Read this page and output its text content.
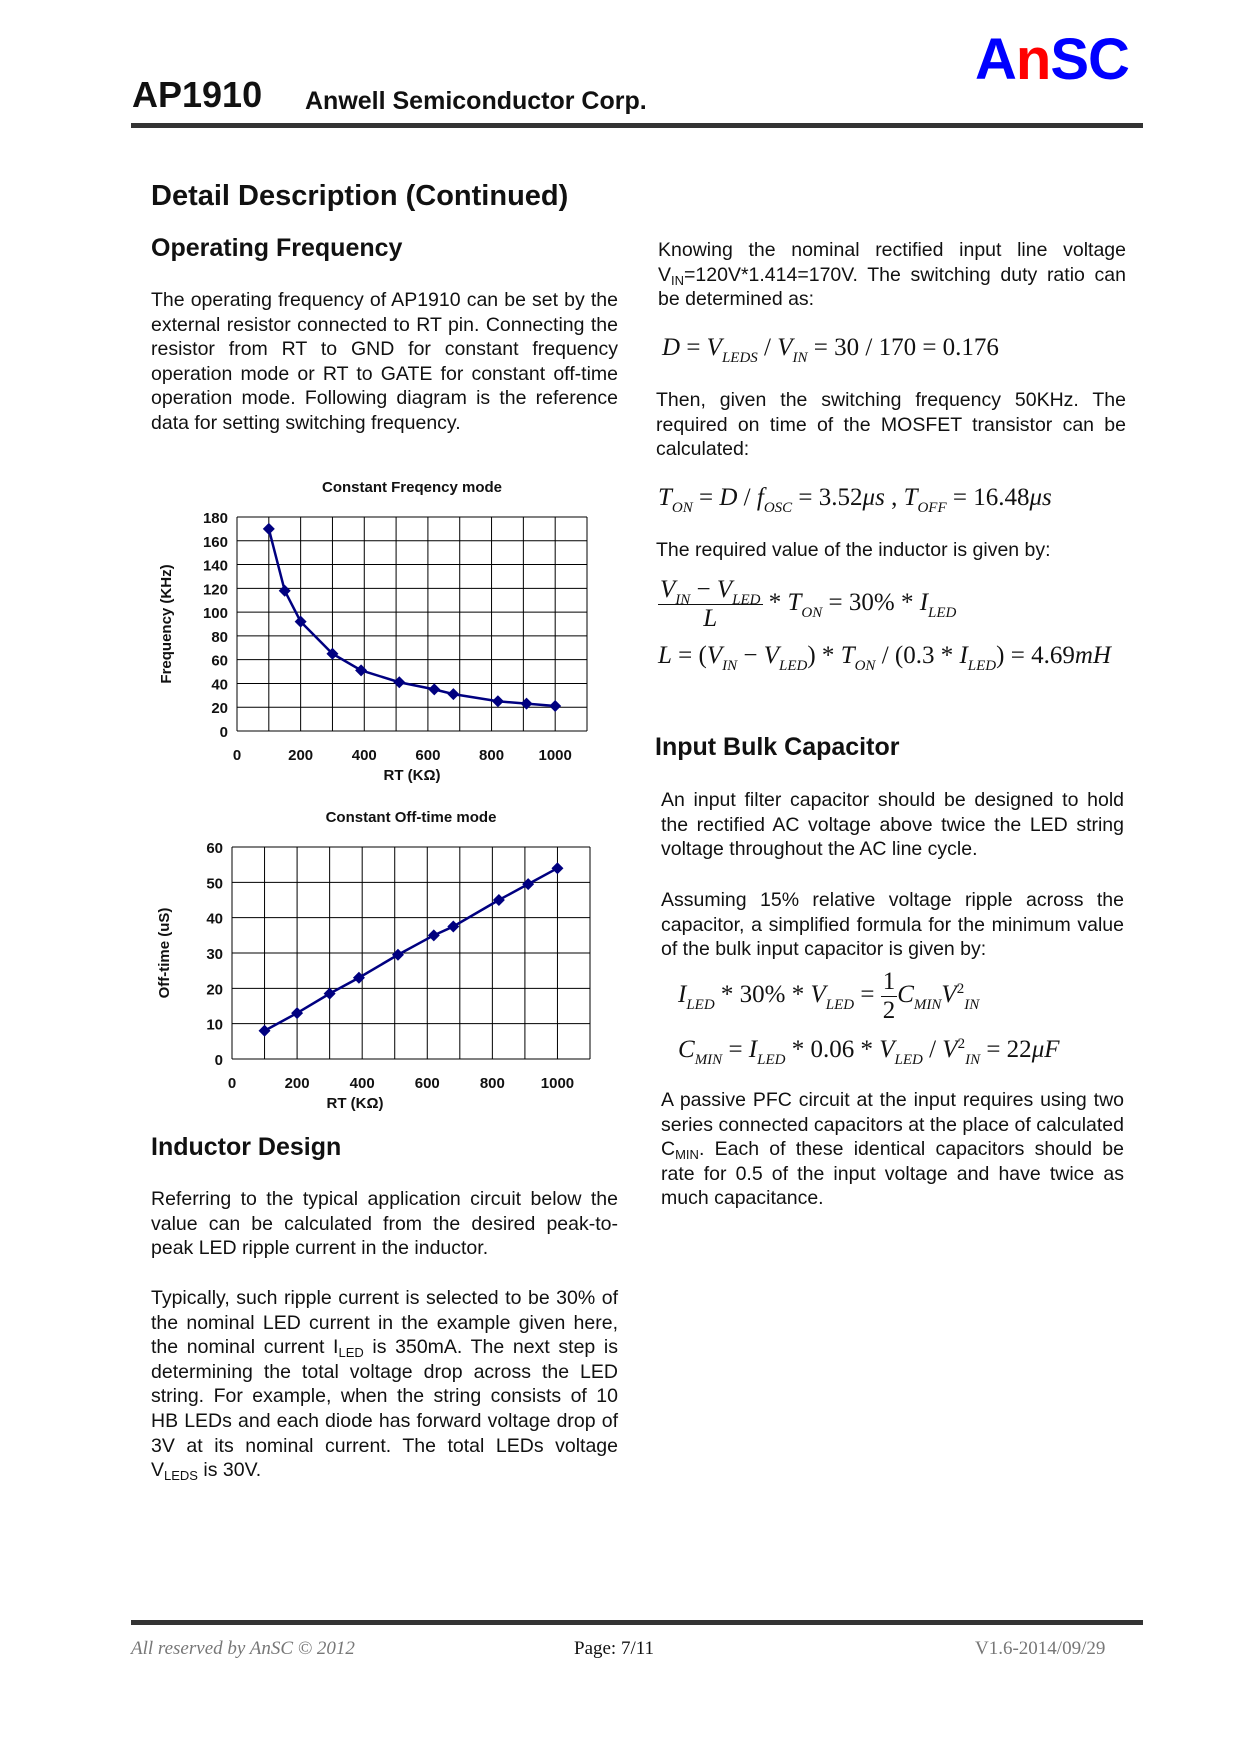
AP1910 Anwell Semiconductor Corp.
AnSC
Detail Description (Continued)
Operating Frequency
The operating frequency of AP1910 can be set by the external resistor connected to RT pin. Connecting the resistor from RT to GND for constant frequency operation mode or RT to GATE for constant off-time operation mode. Following diagram is the reference data for setting switching frequency.
Constant Freqency mode
0
20
40
60
80
100
120
140
160
180
0	200	400	600	800 1000
RT (KΩ)
Frequency (KHz)
Constant Off-time mode
0
10
20
30
40
50
60
0	200	400	600	800 1000
RT (KΩ)
Off-time (uS)
Inductor Design
Referring to the typical application circuit below the value can be calculated from the desired peak-to-peak LED ripple current in the inductor.
Typically, such ripple current is selected to be 30% of the nominal LED current in the example given here, the nominal current $I_{LED}$ is 350mA. The next step is determining the total voltage drop across the LED string. For example, when the string consists of 10 HB LEDs and each diode has forward voltage drop of 3V at its nominal current. The total LEDs voltage $V_{LEDS}$ is 30V.
Knowing the nominal rectified input line voltage $V_{IN}=120V*1.414=170V$. The switching duty ratio can be determined as:
$D = V_{LEDS} / V_{IN} = 30 / 170 = 0.176$
Then, given the switching frequency 50KHz. The required on time of the MOSFET transistor can be calculated:
$T_{ON} = D / f_{OSC} = 3.52\mu s$ , $T_{OFF} = 16.48\mu s$
The required value of the inductor is given by:
$\frac{V_{IN} - V_{LED}}{L} * T_{ON} = 30\% * I_{LED}$
$L = (V_{IN} - V_{LED}) * T_{ON} / (0.3 * I_{LED}) = 4.69mH$
Input Bulk Capacitor
An input filter capacitor should be designed to hold the rectified AC voltage above twice the LED string voltage throughout the AC line cycle.
Assuming 15% relative voltage ripple across the capacitor, a simplified formula for the minimum value of the bulk input capacitor is given by:
$I_{LED} * 30\% * V_{LED} = \frac{1}{2} C_{MIN}V^2_{IN}$
$C_{MIN} = I_{LED} * 0.06 * V_{LED} / V^2_{IN} = 22\mu F$
A passive PFC circuit at the input requires using two series connected capacitors at the place of calculated $C_{MIN}$. Each of these identical capacitors should be rate for 0.5 of the input voltage and have twice as much capacitance.
All reserved by AnSC © 2012	Page: 7/11	V1.6-2014/09/29
